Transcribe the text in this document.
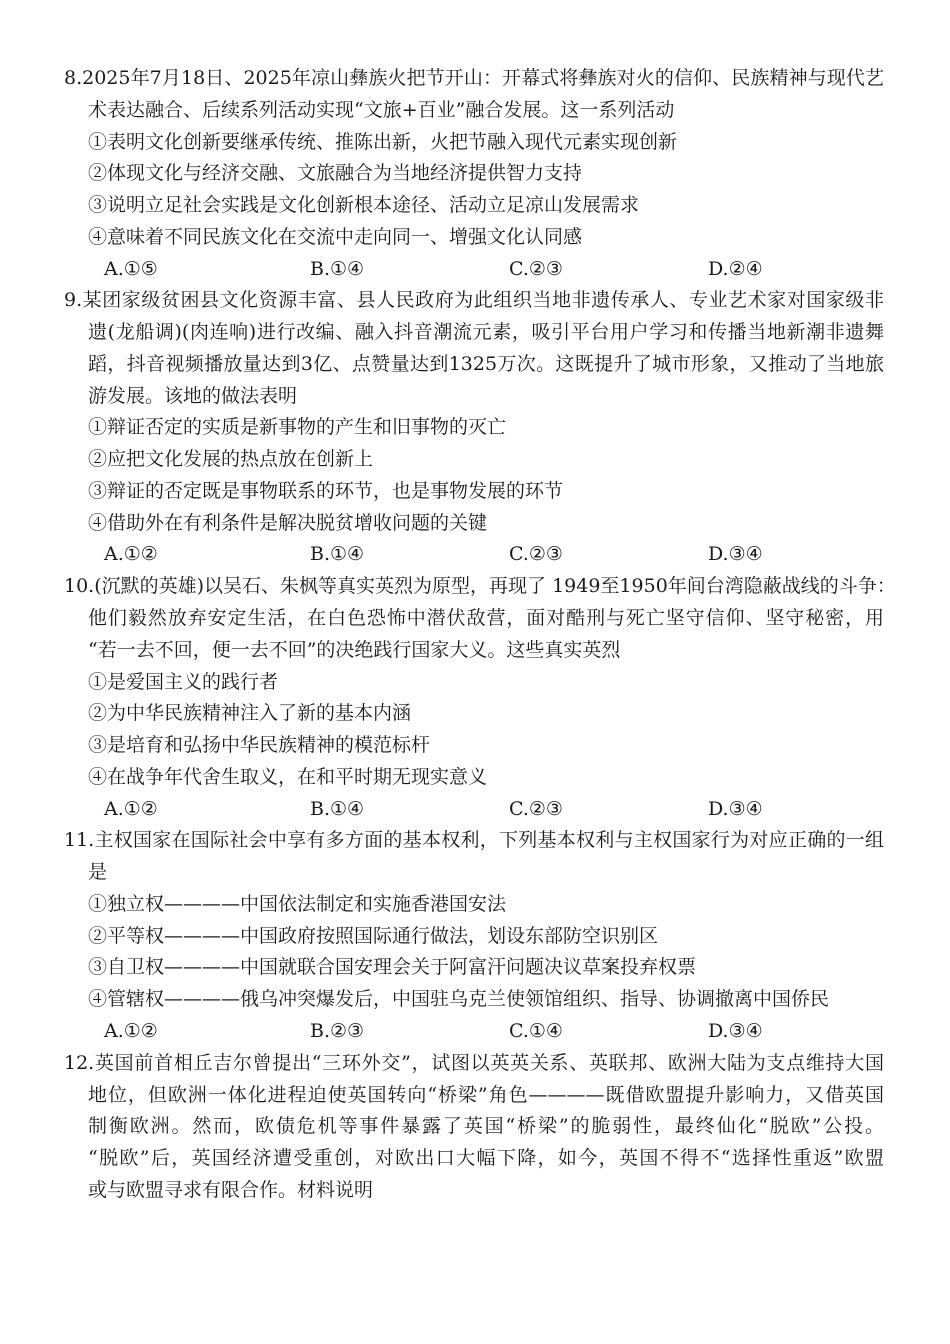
8.2025年7月18日、2025年凉山彝族火把节开山：开幕式将彝族对火的信仰、民族精神与现代艺
术表达融合、后续系列活动实现“文旅+百业”融合发展。这一系列活动
①表明文化创新要继承传统、推陈出新，火把节融入现代元素实现创新
②体现文化与经济交融、文旅融合为当地经济提供智力支持
③说明立足社会实践是文化创新根本途径、活动立足凉山发展需求
④意味着不同民族文化在交流中走向同一、增强文化认同感
A.①⑤	B.①④	C.②③	D.②④
9.某团家级贫困县文化资源丰富、县人民政府为此组织当地非遗传承人、专业艺术家对国家级非
遗(龙船调)(肉连响)进行改编、融入抖音潮流元素，吸引平台用户学习和传播当地新潮非遗舞
蹈，抖音视频播放量达到3亿、点赞量达到1325万次。这既提升了城市形象，又推动了当地旅
游发展。该地的做法表明
①辩证否定的实质是新事物的产生和旧事物的灭亡
②应把文化发展的热点放在创新上
③辩证的否定既是事物联系的环节，也是事物发展的环节
④借助外在有利条件是解决脱贫增收问题的关键
A.①②	B.①④	C.②③	D.③④
10.(沉默的英雄)以吴石、朱枫等真实英烈为原型，再现了 1949至1950年间台湾隐蔽战线的斗争：
他们毅然放弃安定生活，在白色恐怖中潜伏敌营，面对酷刑与死亡坚守信仰、坚守秘密，用
“若一去不回，便一去不回”的决绝践行国家大义。这些真实英烈
①是爱国主义的践行者
②为中华民族精神注入了新的基本内涵
③是培育和弘扬中华民族精神的模范标杆
④在战争年代舍生取义，在和平时期无现实意义
A.①②	B.①④	C.②③	D.③④
11.主权国家在国际社会中享有多方面的基本权利，下列基本权利与主权国家行为对应正确的一组
是
①独立权————中国依法制定和实施香港国安法
②平等权————中国政府按照国际通行做法，划设东部防空识别区
③自卫权————中国就联合国安理会关于阿富汗问题决议草案投弃权票
④管辖权————俄乌冲突爆发后，中国驻乌克兰使领馆组织、指导、协调撤离中国侨民
A.①②	B.②③	C.①④	D.③④
12.英国前首相丘吉尔曾提出“三环外交”，试图以英英关系、英联邦、欧洲大陆为支点维持大国
地位，但欧洲一体化进程迫使英国转向“桥梁”角色————既借欧盟提升影响力，又借英国
制衡欧洲。然而，欧债危机等事件暴露了英国“桥梁”的脆弱性，最终仙化“脱欧”公投。
“脱欧”后，英国经济遭受重创，对欧出口大幅下降，如今，英国不得不“选择性重返”欧盟
或与欧盟寻求有限合作。材料说明
